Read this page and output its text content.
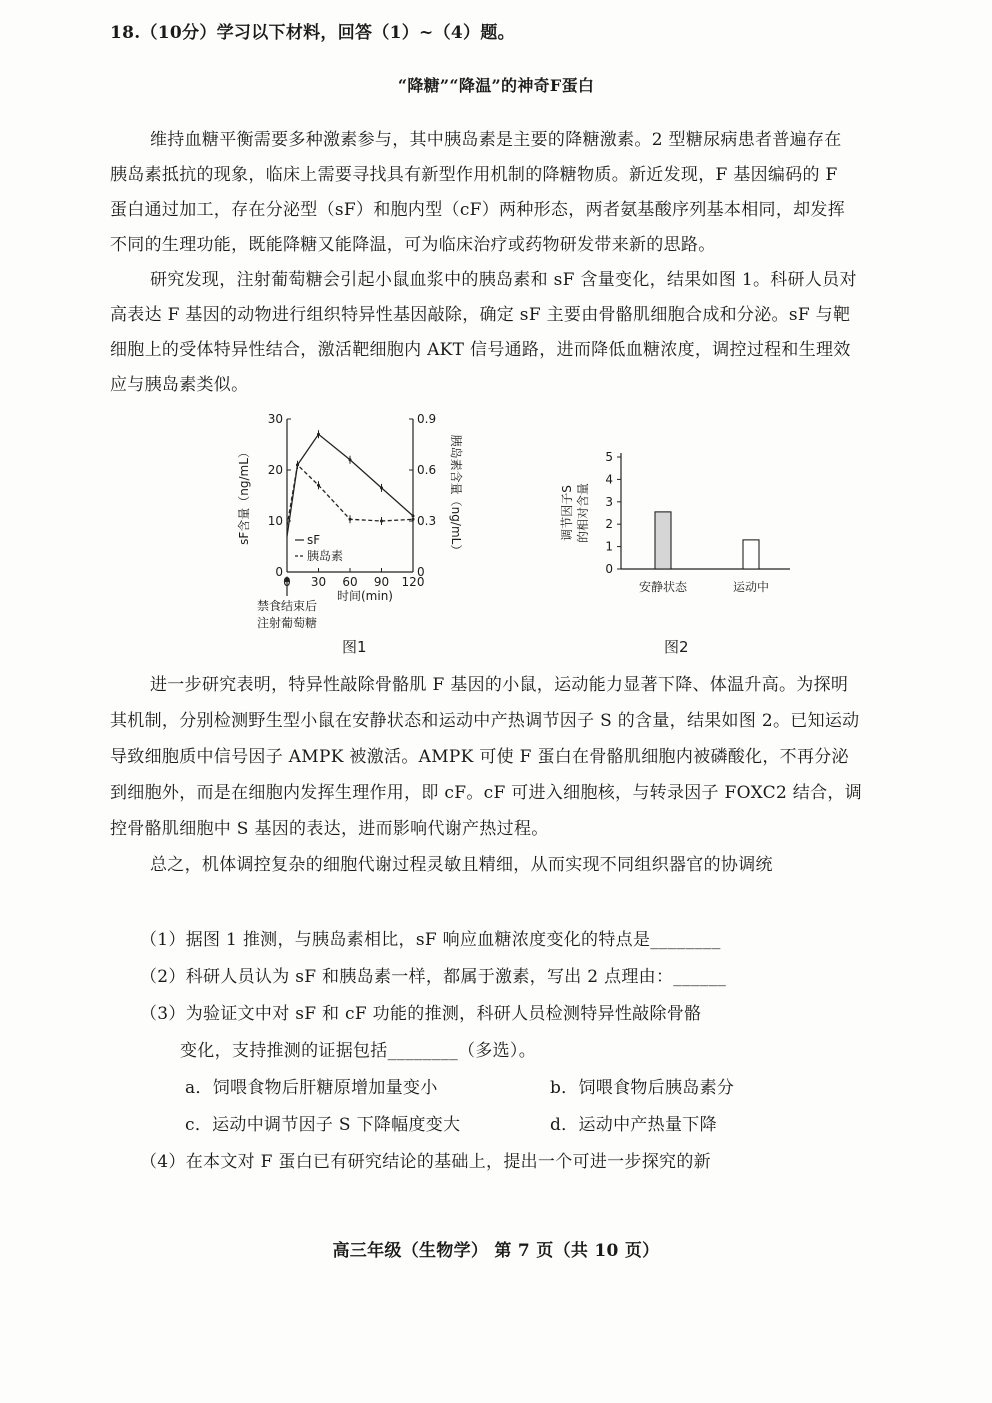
18.（10分）学习以下材料，回答（1）~（4）题。
“降糖”“降温”的神奇F蛋白
维持血糖平衡需要多种激素参与，其中胰岛素是主要的降糖激素。2 型糖尿病患者普遍存在
胰岛素抵抗的现象，临床上需要寻找具有新型作用机制的降糖物质。新近发现，F 基因编码的 F
蛋白通过加工，存在分泌型（sF）和胞内型（cF）两种形态，两者氨基酸序列基本相同，却发挥
不同的生理功能，既能降糖又能降温，可为临床治疗或药物研发带来新的思路。
研究发现，注射葡萄糖会引起小鼠血浆中的胰岛素和 sF 含量变化，结果如图 1。科研人员对
高表达 F 基因的动物进行组织特异性基因敲除，确定 sF 主要由骨骼肌细胞合成和分泌。sF 与靶
细胞上的受体特异性结合，激活靶细胞内 AKT 信号通路，进而降低血糖浓度，调控过程和生理效
应与胰岛素类似。
0
10
20
30
0
0.3
0.6
0.9
30 60 90 120
sF含量（ng/mL）	胰岛素含量（ng/mL）
时间(min)
禁食结束后
注射葡萄糖
sF
胰岛素
图1
0
1
2
3
4
5
调节因子S 的相对含量
安静状态	运动中
图2
进一步研究表明，特异性敲除骨骼肌 F 基因的小鼠，运动能力显著下降、体温升高。为探明
其机制，分别检测野生型小鼠在安静状态和运动中产热调节因子 S 的含量，结果如图 2。已知运动
导致细胞质中信号因子 AMPK 被激活。AMPK 可使 F 蛋白在骨骼肌细胞内被磷酸化，不再分泌
到细胞外，而是在细胞内发挥生理作用，即 cF。cF 可进入细胞核，与转录因子 FOXC2 结合，调
控骨骼肌细胞中 S 基因的表达，进而影响代谢产热过程。
总之，机体调控复杂的细胞代谢过程灵敏且精细，从而实现不同组织器官的协调统
（1）据图 1 推测，与胰岛素相比，sF 响应血糖浓度变化的特点是________
（2）科研人员认为 sF 和胰岛素一样，都属于激素，写出 2 点理由：______
（3）为验证文中对 sF 和 cF 功能的推测，科研人员检测特异性敲除骨骼
变化，支持推测的证据包括________（多选）。
a．饲喂食物后肝糖原增加量变小	b．饲喂食物后胰岛素分
c．运动中调节因子 S 下降幅度变大	d．运动中产热量下降
（4）在本文对 F 蛋白已有研究结论的基础上，提出一个可进一步探究的新
高三年级（生物学） 第 7 页（共 10 页）
